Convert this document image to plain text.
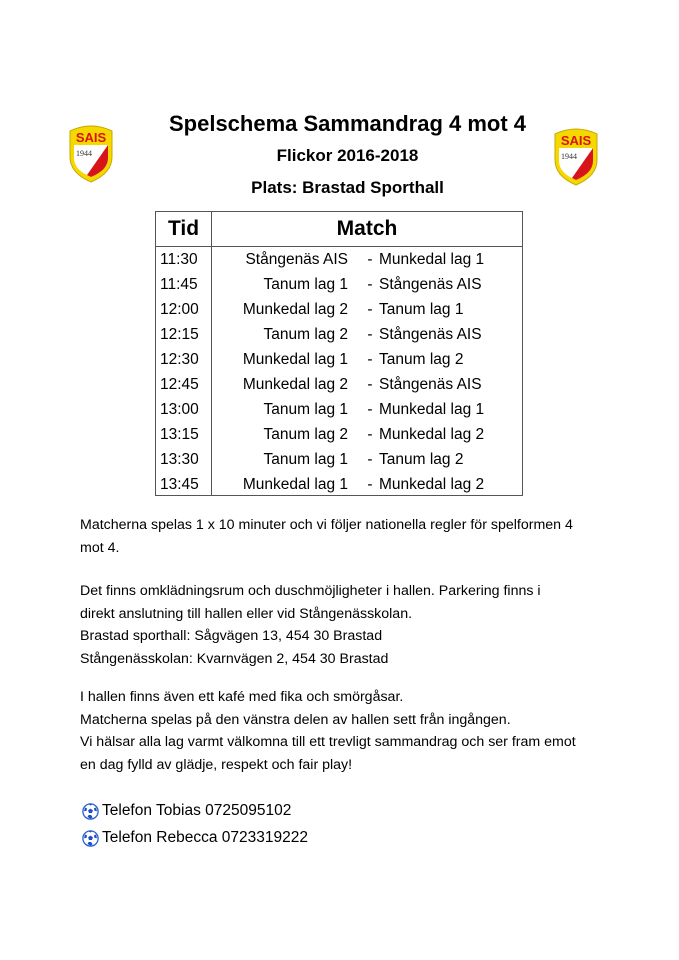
SAIS
1944
SAIS
1944
Spelschema Sammandrag 4 mot 4
Flickor 2016-2018
Plats: Brastad Sporthall
Tid	Match
11:30	Stångenäs AIS - Munkedal lag 1
11:45	Tanum lag 1 - Stångenäs AIS
12:00	Munkedal lag 2 - Tanum lag 1
12:15	Tanum lag 2 - Stångenäs AIS
12:30	Munkedal lag 1 - Tanum lag 2
12:45	Munkedal lag 2 - Stångenäs AIS
13:00	Tanum lag 1 - Munkedal lag 1
13:15	Tanum lag 2 - Munkedal lag 2
13:30	Tanum lag 1 - Tanum lag 2
13:45	Munkedal lag 1 - Munkedal lag 2
Matcherna spelas 1 x 10 minuter och vi följer nationella regler för spelformen 4
mot 4.
Det finns omklädningsrum och duschmöjligheter i hallen. Parkering finns i
direkt anslutning till hallen eller vid Stångenässkolan.
Brastad sporthall: Sågvägen 13, 454 30 Brastad
Stångenässkolan: Kvarnvägen 2, 454 30 Brastad
I hallen finns även ett kafé med fika och smörgåsar.
Matcherna spelas på den vänstra delen av hallen sett från ingången.
Vi hälsar alla lag varmt välkomna till ett trevligt sammandrag och ser fram emot
en dag fylld av glädje, respekt och fair play!
Telefon Tobias 0725095102
Telefon Rebecca 0723319222
